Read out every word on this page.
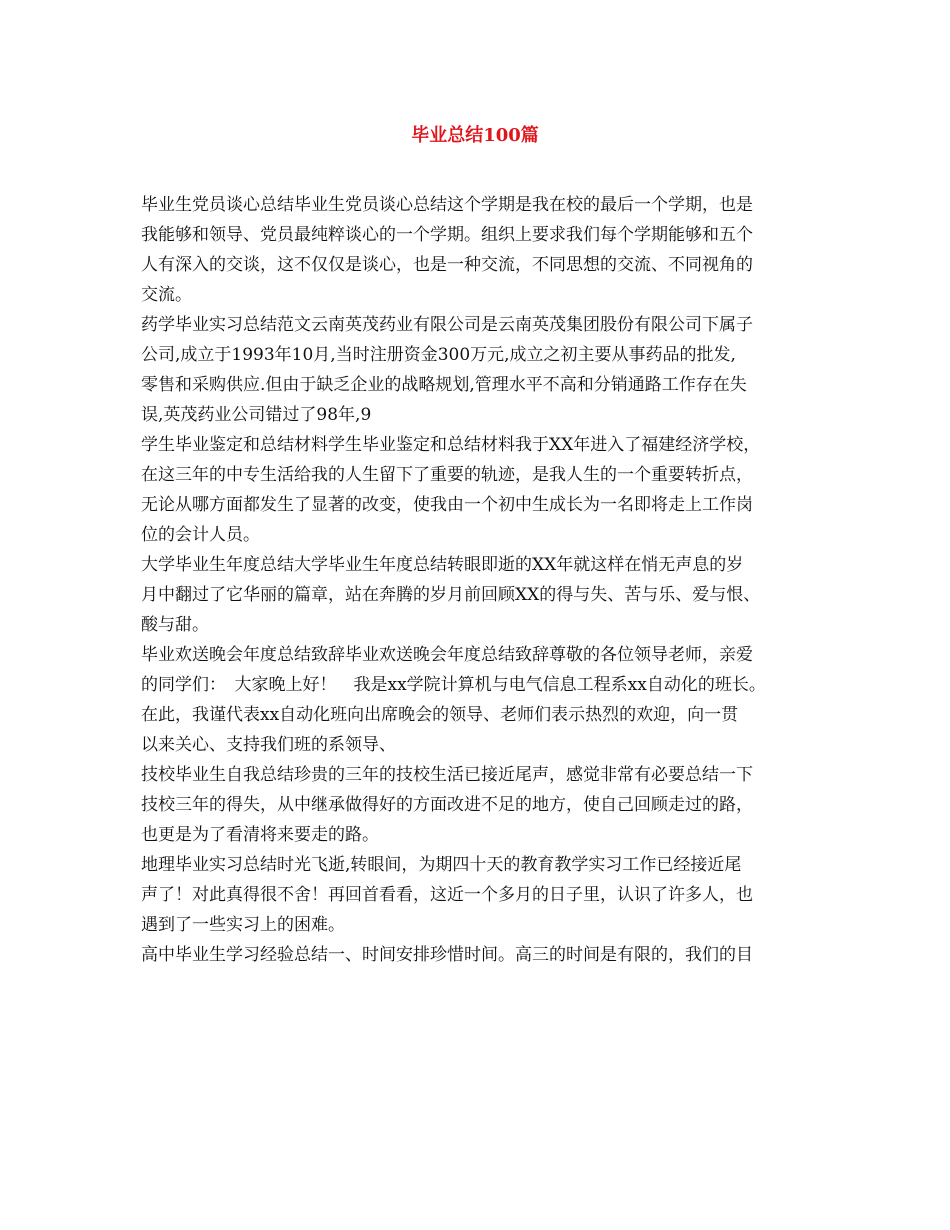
毕业总结100篇
毕业生党员谈心总结毕业生党员谈心总结这个学期是我在校的最后一个学期，也是
我能够和领导、党员最纯粹谈心的一个学期。组织上要求我们每个学期能够和五个
人有深入的交谈，这不仅仅是谈心，也是一种交流，不同思想的交流、不同视角的
交流。
药学毕业实习总结范文云南英茂药业有限公司是云南英茂集团股份有限公司下属子
公司,成立于1993年10月,当时注册资金300万元,成立之初主要从事药品的批发,
零售和采购供应.但由于缺乏企业的战略规划,管理水平不高和分销通路工作存在失
误,英茂药业公司错过了98年,9
学生毕业鉴定和总结材料学生毕业鉴定和总结材料我于XX年进入了福建经济学校，
在这三年的中专生活给我的人生留下了重要的轨迹，是我人生的一个重要转折点，
无论从哪方面都发生了显著的改变，使我由一个初中生成长为一名即将走上工作岗
位的会计人员。
大学毕业生年度总结大学毕业生年度总结转眼即逝的XX年就这样在悄无声息的岁
月中翻过了它华丽的篇章，站在奔腾的岁月前回顾XX的得与失、苦与乐、爱与恨、
酸与甜。
毕业欢送晚会年度总结致辞毕业欢送晚会年度总结致辞尊敬的各位领导老师，亲爱
的同学们：　大家晚上好！　我是xx学院计算机与电气信息工程系xx自动化的班长。
在此，我谨代表xx自动化班向出席晚会的领导、老师们表示热烈的欢迎，向一贯
以来关心、支持我们班的系领导、
技校毕业生自我总结珍贵的三年的技校生活已接近尾声，感觉非常有必要总结一下
技校三年的得失，从中继承做得好的方面改进不足的地方，使自己回顾走过的路，
也更是为了看清将来要走的路。
地理毕业实习总结时光飞逝,转眼间，为期四十天的教育教学实习工作已经接近尾
声了！对此真得很不舍！再回首看看，这近一个多月的日子里，认识了许多人，也
遇到了一些实习上的困难。
高中毕业生学习经验总结一、时间安排珍惜时间。高三的时间是有限的，我们的目
